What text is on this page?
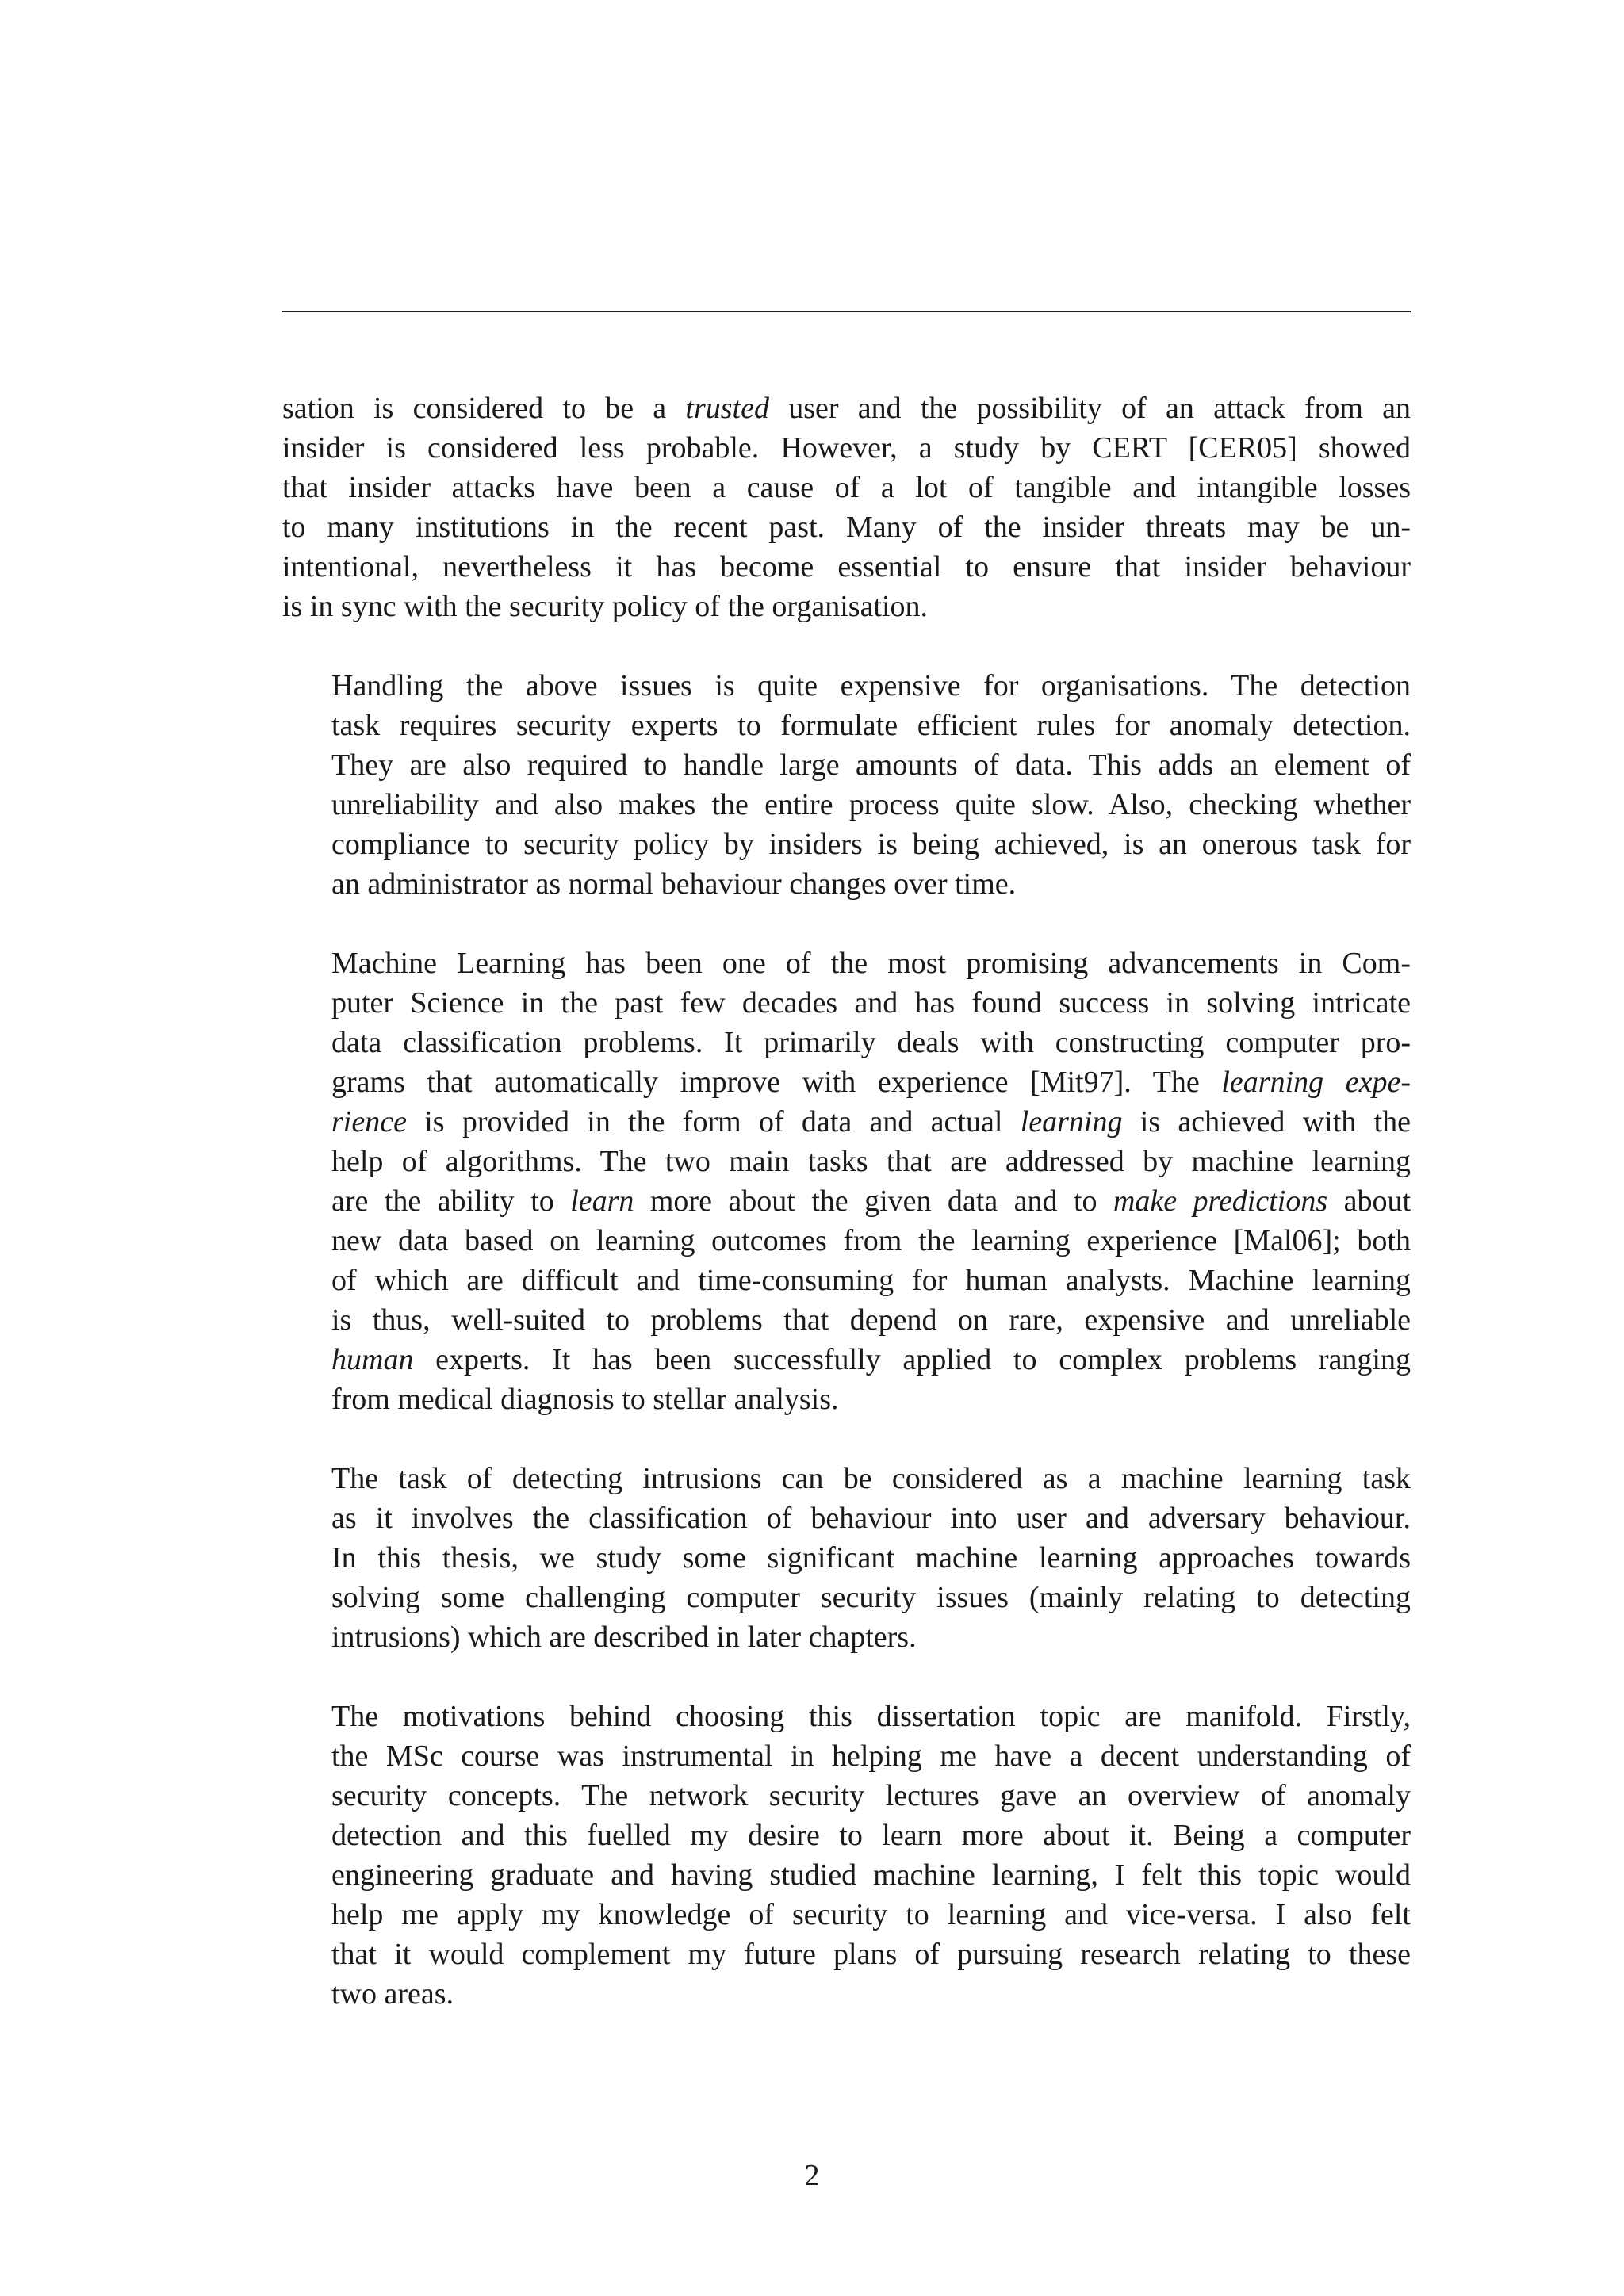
sation is considered to be a trusted user and the possibility of an attack from an
insider is considered less probable. However, a study by CERT [CER05] showed
that insider attacks have been a cause of a lot of tangible and intangible losses
to many institutions in the recent past. Many of the insider threats may be un-
intentional, nevertheless it has become essential to ensure that insider behaviour
is in sync with the security policy of the organisation.

Handling the above issues is quite expensive for organisations. The detection
task requires security experts to formulate efficient rules for anomaly detection.
They are also required to handle large amounts of data. This adds an element of
unreliability and also makes the entire process quite slow. Also, checking whether
compliance to security policy by insiders is being achieved, is an onerous task for
an administrator as normal behaviour changes over time.

Machine Learning has been one of the most promising advancements in Com-
puter Science in the past few decades and has found success in solving intricate
data classification problems. It primarily deals with constructing computer pro-
grams that automatically improve with experience [Mit97]. The learning expe-
rience is provided in the form of data and actual learning is achieved with the
help of algorithms. The two main tasks that are addressed by machine learning
are the ability to learn more about the given data and to make predictions about
new data based on learning outcomes from the learning experience [Mal06]; both
of which are difficult and time-consuming for human analysts. Machine learning
is thus, well-suited to problems that depend on rare, expensive and unreliable
human experts. It has been successfully applied to complex problems ranging
from medical diagnosis to stellar analysis.

The task of detecting intrusions can be considered as a machine learning task
as it involves the classification of behaviour into user and adversary behaviour.
In this thesis, we study some significant machine learning approaches towards
solving some challenging computer security issues (mainly relating to detecting
intrusions) which are described in later chapters.

The motivations behind choosing this dissertation topic are manifold. Firstly,
the MSc course was instrumental in helping me have a decent understanding of
security concepts. The network security lectures gave an overview of anomaly
detection and this fuelled my desire to learn more about it. Being a computer
engineering graduate and having studied machine learning, I felt this topic would
help me apply my knowledge of security to learning and vice-versa. I also felt
that it would complement my future plans of pursuing research relating to these
two areas.

2
